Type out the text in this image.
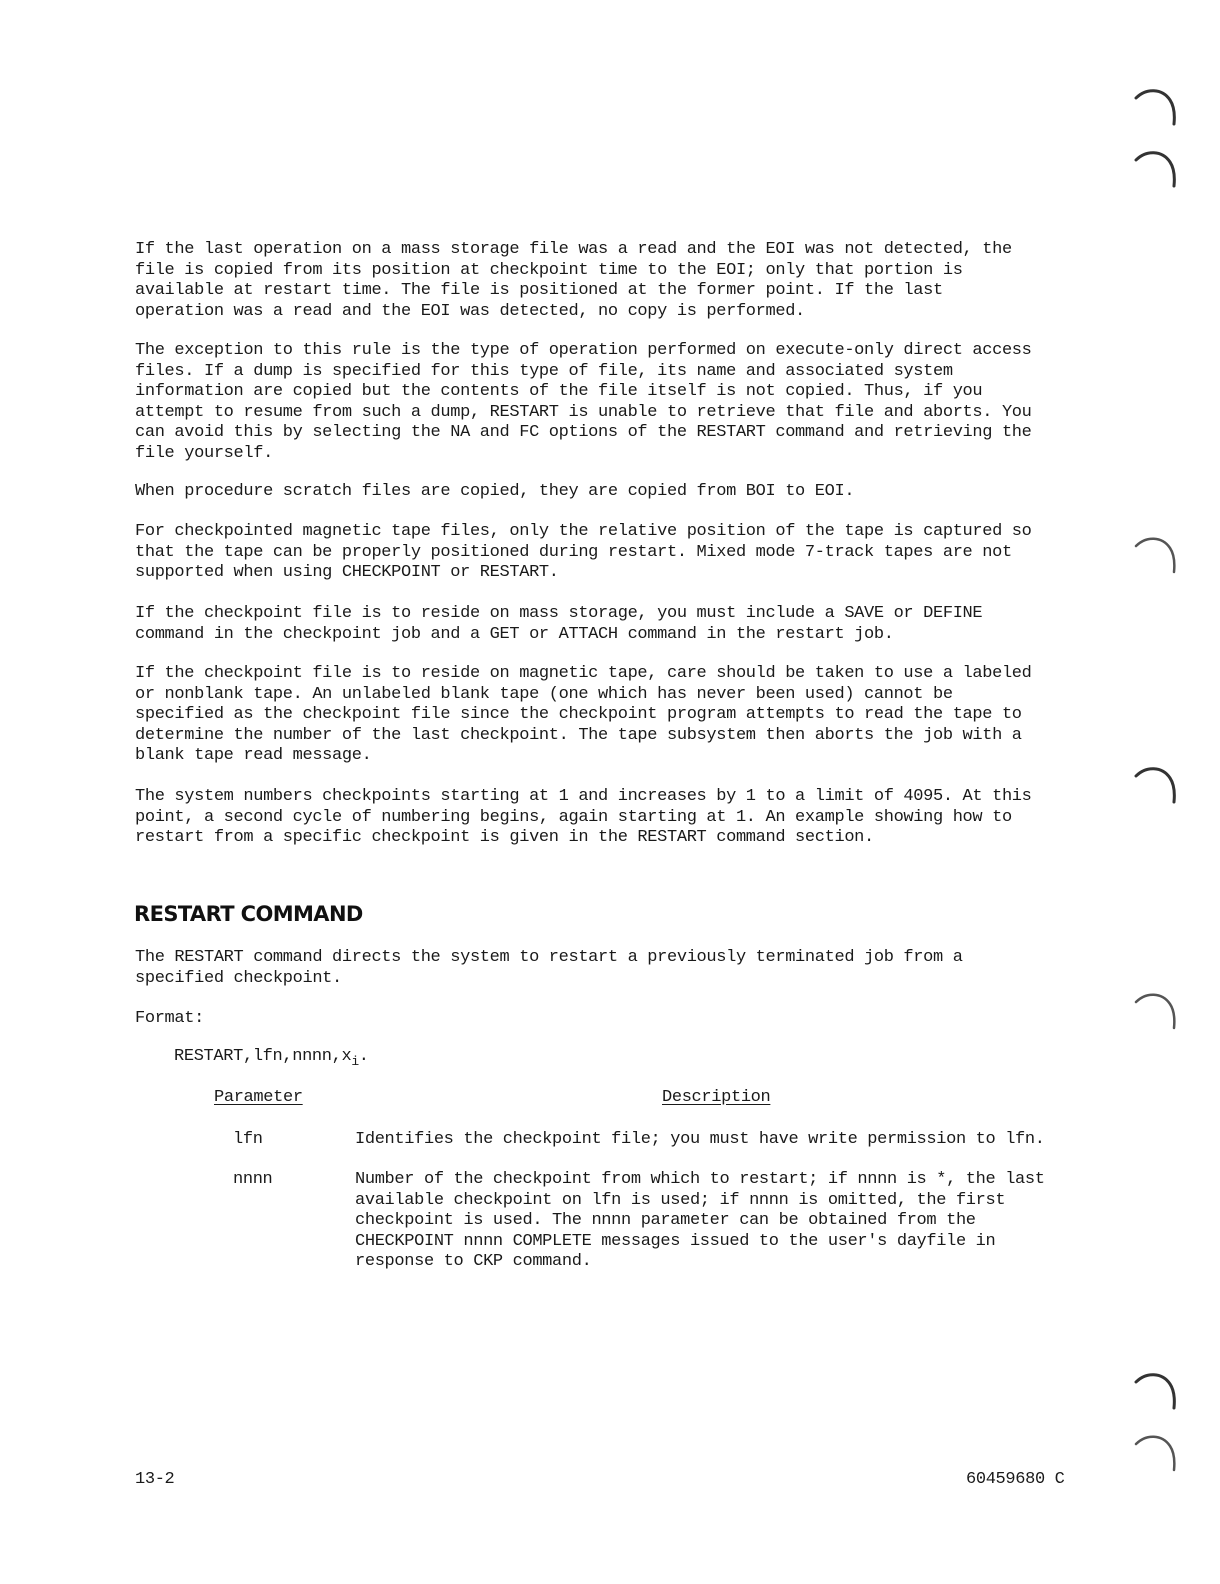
If the last operation on a mass storage file was a read and the EOI was not detected, the
file is copied from its position at checkpoint time to the EOI; only that portion is
available at restart time. The file is positioned at the former point. If the last
operation was a read and the EOI was detected, no copy is performed.

The exception to this rule is the type of operation performed on execute-only direct access
files. If a dump is specified for this type of file, its name and associated system
information are copied but the contents of the file itself is not copied. Thus, if you
attempt to resume from such a dump, RESTART is unable to retrieve that file and aborts. You
can avoid this by selecting the NA and FC options of the RESTART command and retrieving the
file yourself.

When procedure scratch files are copied, they are copied from BOI to EOI.

For checkpointed magnetic tape files, only the relative position of the tape is captured so
that the tape can be properly positioned during restart. Mixed mode 7-track tapes are not
supported when using CHECKPOINT or RESTART.

If the checkpoint file is to reside on mass storage, you must include a SAVE or DEFINE
command in the checkpoint job and a GET or ATTACH command in the restart job.

If the checkpoint file is to reside on magnetic tape, care should be taken to use a labeled
or nonblank tape. An unlabeled blank tape (one which has never been used) cannot be
specified as the checkpoint file since the checkpoint program attempts to read the tape to
determine the number of the last checkpoint. The tape subsystem then aborts the job with a
blank tape read message.

The system numbers checkpoints starting at 1 and increases by 1 to a limit of 4095. At this
point, a second cycle of numbering begins, again starting at 1. An example showing how to
restart from a specific checkpoint is given in the RESTART command section.

RESTART COMMAND

The RESTART command directs the system to restart a previously terminated job from a
specified checkpoint.

Format:

$RESTART,lfn,nnnn,x_i$.
Parameter	Description
lfn	Identifies the checkpoint file; you must have write permission to lfn.
nnnn	Number of the checkpoint from which to restart; if nnnn is *, the last
available checkpoint on lfn is used; if nnnn is omitted, the first
checkpoint is used. The nnnn parameter can be obtained from the
CHECKPOINT nnnn COMPLETE messages issued to the user's dayfile in
response to CKP command.
13-2	60459680 C
